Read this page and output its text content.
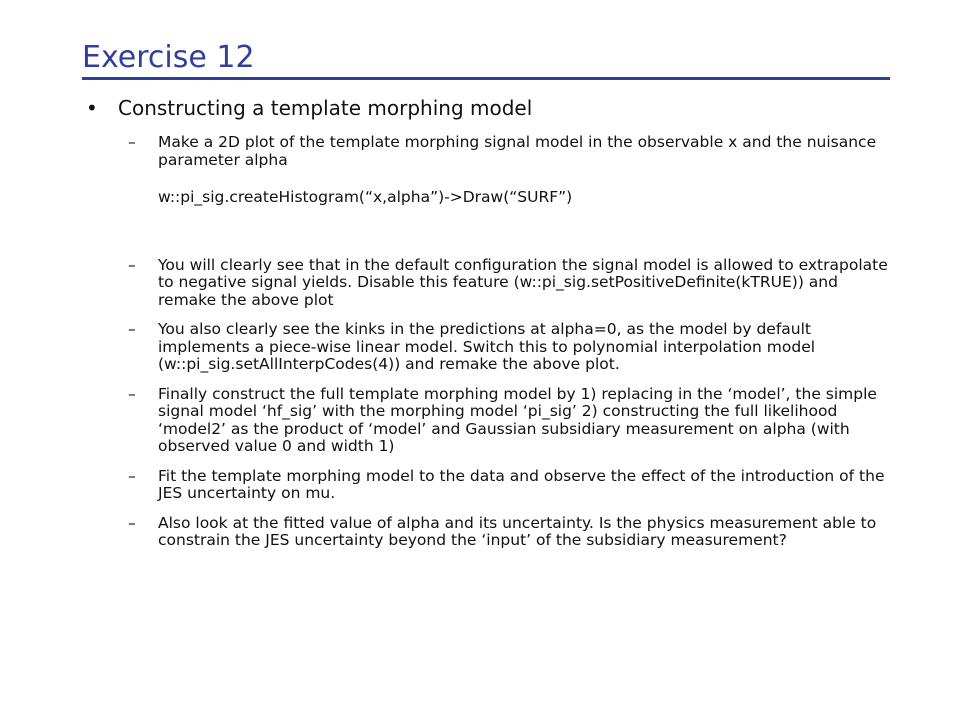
Exercise 12
•	Constructing a template morphing model
–	Make a 2D plot of the template morphing signal model in the observable x and the nuisance parameter alpha
w::pi_sig.createHistogram(“x,alpha”)->Draw(“SURF”)
–	You will clearly see that in the default configuration the signal model is allowed to extrapolate to negative signal yields. Disable this feature (w::pi_sig.setPositiveDefinite(kTRUE)) and remake the above plot
–	You also clearly see the kinks in the predictions at alpha=0, as the model by default implements a piece-wise linear model. Switch this to polynomial interpolation model (w::pi_sig.setAllInterpCodes(4)) and remake the above plot.
–	Finally construct the full template morphing model by 1) replacing in the ‘model’, the simple signal model ‘hf_sig’ with the morphing model ‘pi_sig’ 2) constructing the full likelihood ‘model2’ as the product of ‘model’ and Gaussian subsidiary measurement on alpha (with observed value 0 and width 1)
–	Fit the template morphing model to the data and observe the effect of the introduction of the JES uncertainty on mu.
–	Also look at the fitted value of alpha and its uncertainty. Is the physics measurement able to constrain the JES uncertainty beyond the ‘input’ of the subsidiary measurement?
